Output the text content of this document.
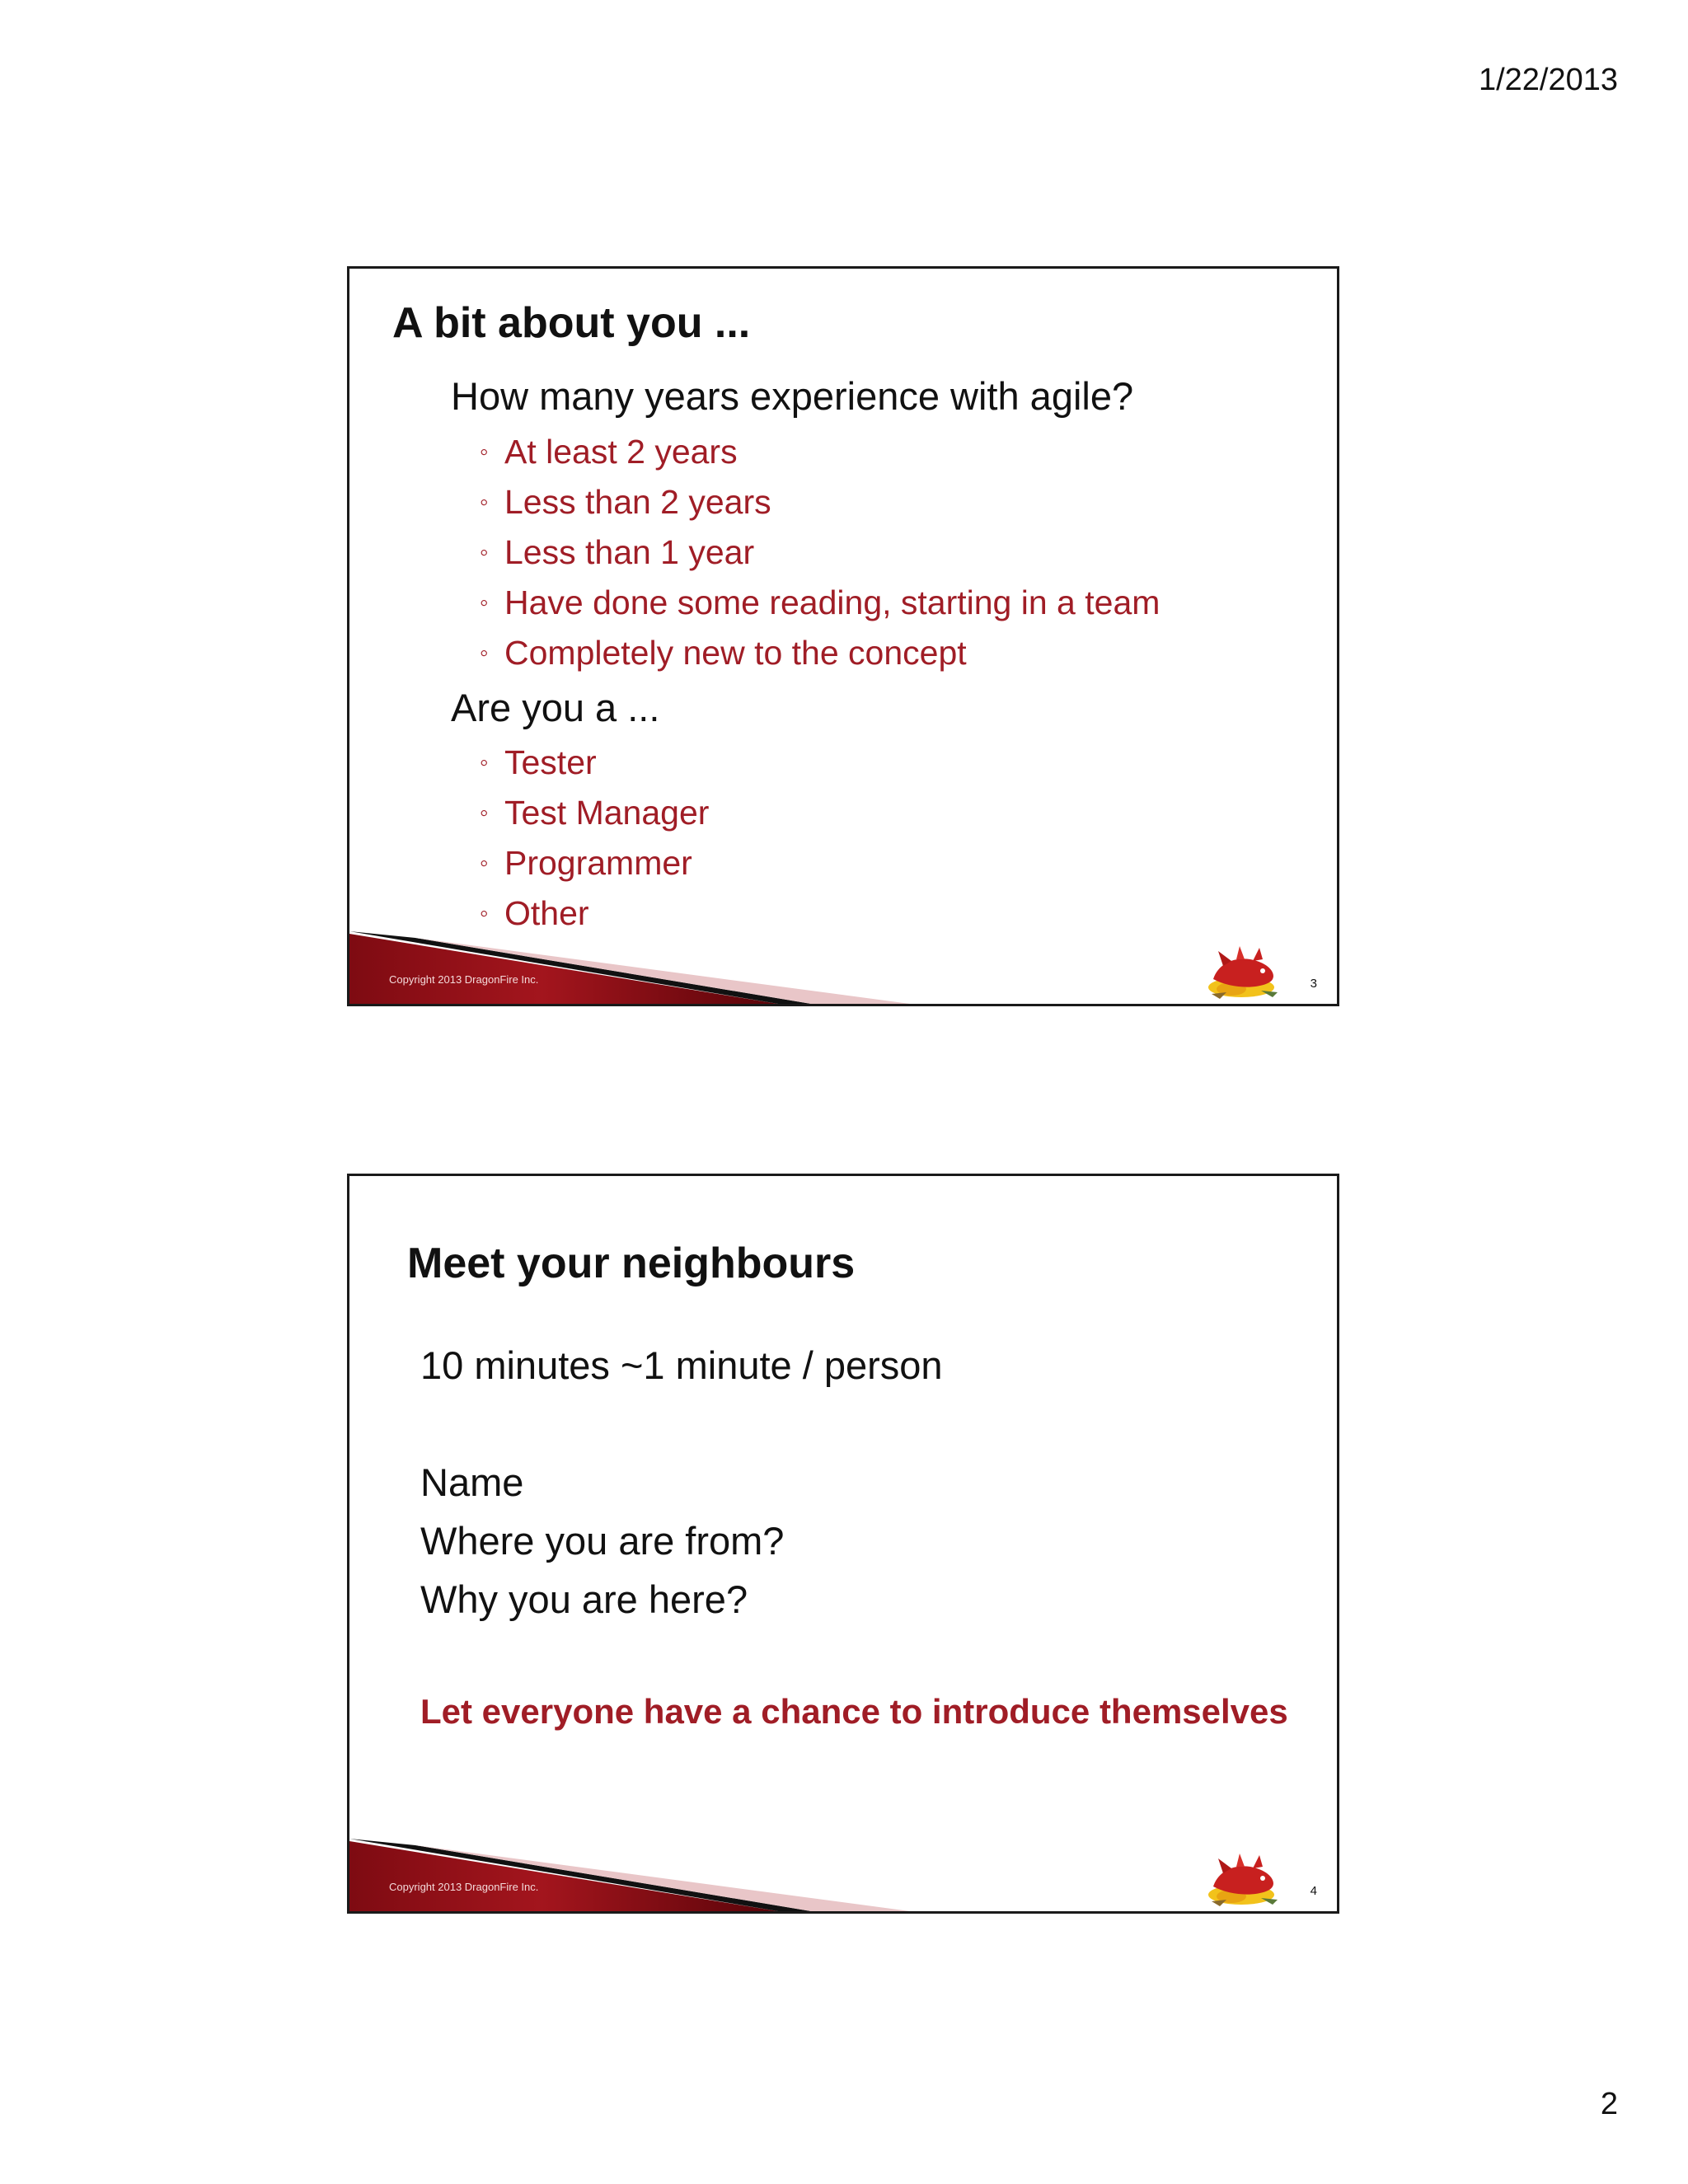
1/22/2013
A bit about you ...
How many years experience with agile?
◦ At least 2 years
◦ Less than 2 years
◦ Less than 1 year
◦ Have done some reading, starting in a team
◦ Completely new to the concept
Are you a ...
◦ Tester
◦ Test Manager
◦ Programmer
◦ Other
Copyright 2013 DragonFire Inc.	3
Meet your neighbours
10 minutes ~1 minute / person
Name
Where you are from?
Why you are here?
Let everyone have a chance to introduce themselves
Copyright 2013 DragonFire Inc.	4
2
